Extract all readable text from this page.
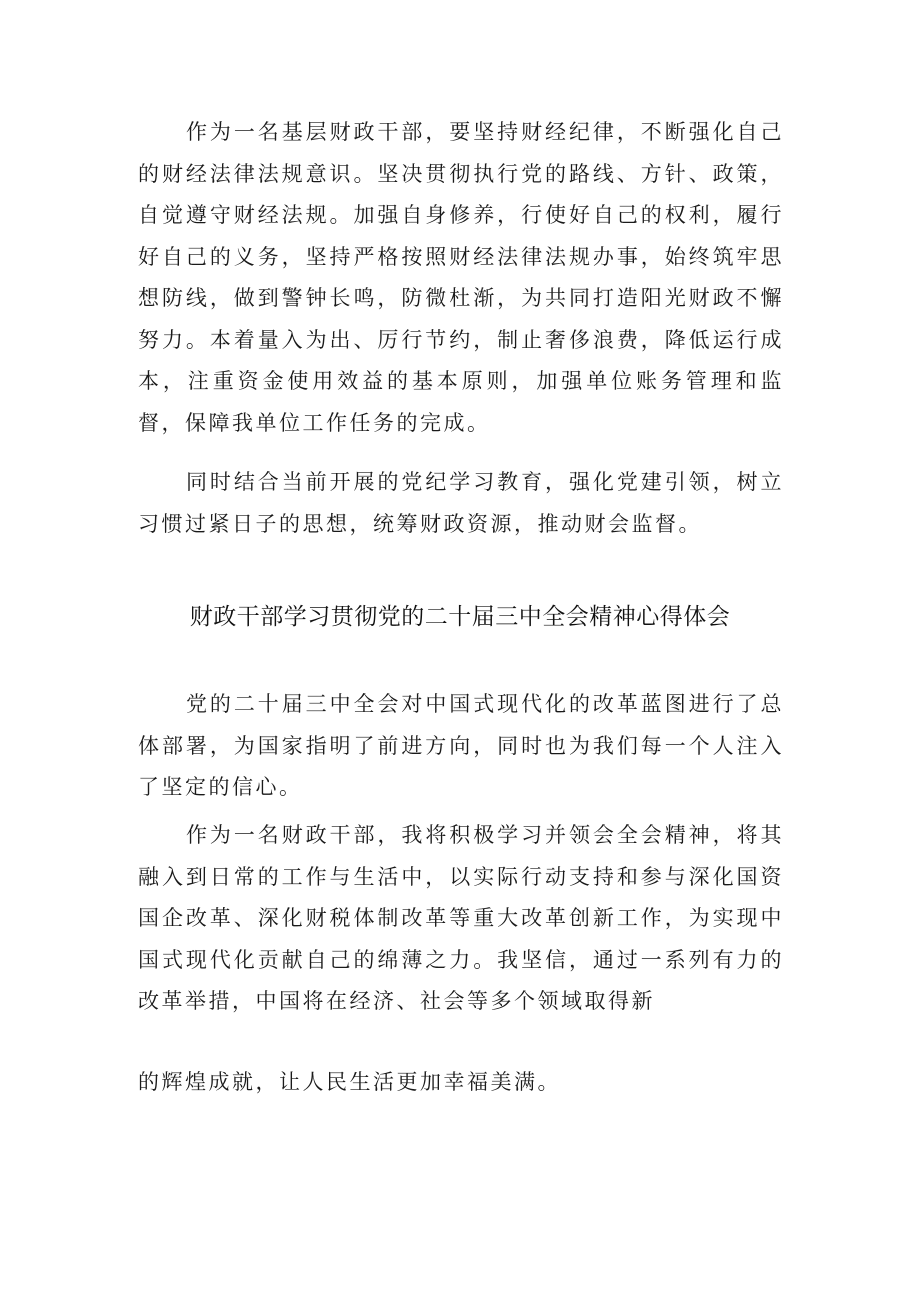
作为一名基层财政干部，要坚持财经纪律，不断强化自己的财经法律法规意识。坚决贯彻执行党的路线、方针、政策，自觉遵守财经法规。加强自身修养，行使好自己的权利，履行好自己的义务，坚持严格按照财经法律法规办事，始终筑牢思想防线，做到警钟长鸣，防微杜渐，为共同打造阳光财政不懈努力。本着量入为出、厉行节约，制止奢侈浪费，降低运行成本，注重资金使用效益的基本原则，加强单位账务管理和监督，保障我单位工作任务的完成。

同时结合当前开展的党纪学习教育，强化党建引领，树立习惯过紧日子的思想，统筹财政资源，推动财会监督。

财政干部学习贯彻党的二十届三中全会精神心得体会

党的二十届三中全会对中国式现代化的改革蓝图进行了总体部署，为国家指明了前进方向，同时也为我们每一个人注入了坚定的信心。

作为一名财政干部，我将积极学习并领会全会精神，将其融入到日常的工作与生活中，以实际行动支持和参与深化国资国企改革、深化财税体制改革等重大改革创新工作，为实现中国式现代化贡献自己的绵薄之力。我坚信，通过一系列有力的改革举措，中国将在经济、社会等多个领域取得新

的辉煌成就，让人民生活更加幸福美满。
